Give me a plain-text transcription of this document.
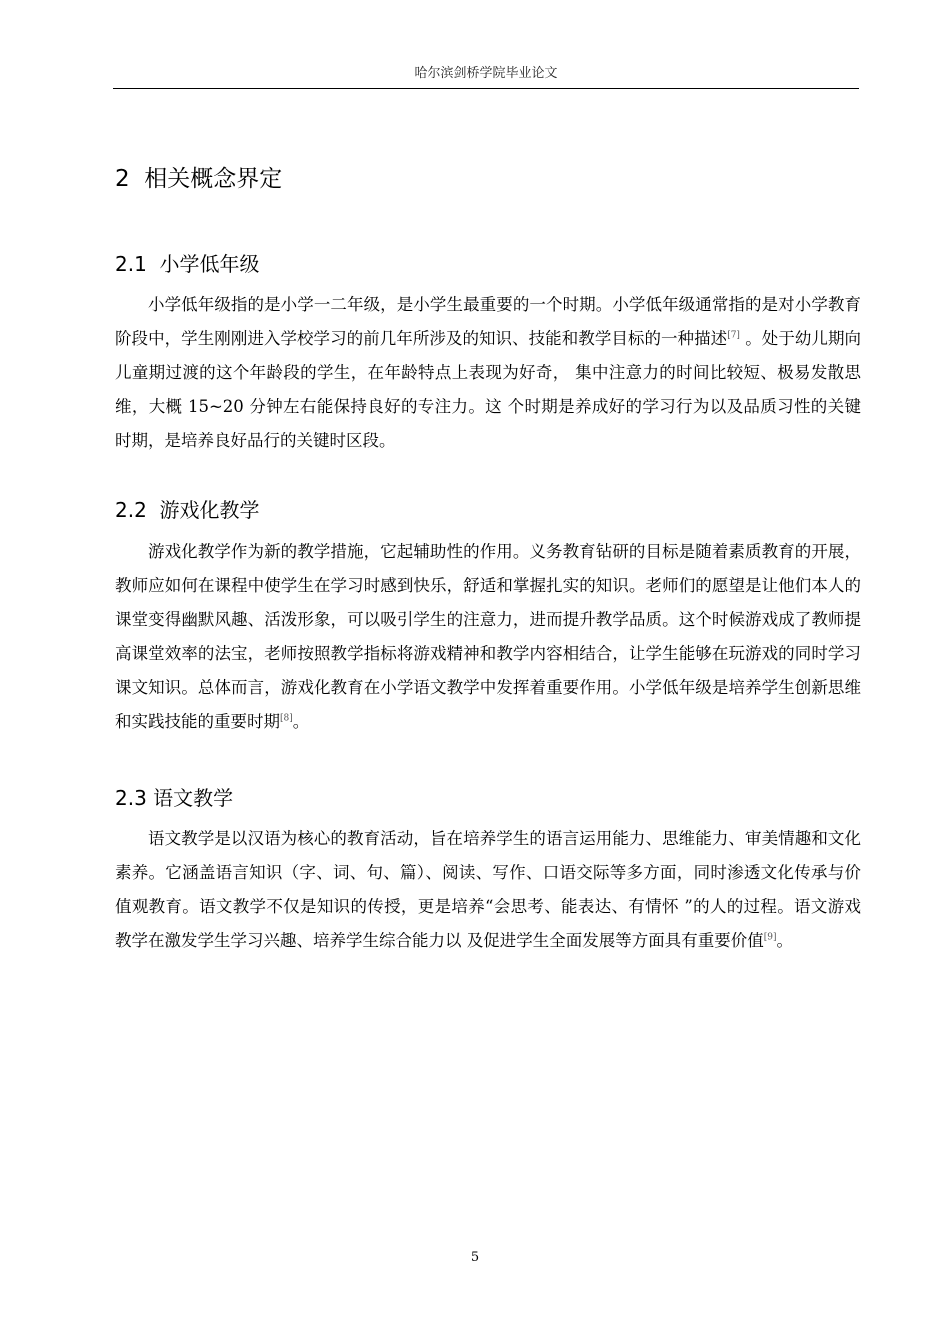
哈尔滨剑桥学院毕业论文
2 相关概念界定
2.1 小学低年级
小学低年级指的是小学一二年级，是小学生最重要的一个时期。小学低年级通常指的是对小学教育阶段中，学生刚刚进入学校学习的前几年所涉及的知识、技能和教学目标的一种描述[7] 。处于幼儿期向儿童期过渡的这个年龄段的学生，在年龄特点上表现为好奇， 集中注意力的时间比较短、极易发散思维，大概 15~20 分钟左右能保持良好的专注力。这 个时期是养成好的学习行为以及品质习性的关键时期，是培养良好品行的关键时区段。
2.2 游戏化教学
游戏化教学作为新的教学措施，它起辅助性的作用。义务教育钻研的目标是随着素质教育的开展，教师应如何在课程中使学生在学习时感到快乐，舒适和掌握扎实的知识。老师们的愿望是让他们本人的课堂变得幽默风趣、活泼形象，可以吸引学生的注意力，进而提升教学品质。这个时候游戏成了教师提高课堂效率的法宝，老师按照教学指标将游戏精神和教学内容相结合，让学生能够在玩游戏的同时学习课文知识。总体而言，游戏化教育在小学语文教学中发挥着重要作用。小学低年级是培养学生创新思维和实践技能的重要时期[8]。
2.3 语文教学
语文教学是以汉语为核心的教育活动，旨在培养学生的语言运用能力、思维能力、审美情趣和文化素养。它涵盖语言知识（字、词、句、篇）、阅读、写作、口语交际等多方面，同时渗透文化传承与价值观教育。语文教学不仅是知识的传授，更是培养“会思考、能表达、有情怀 ”的人的过程。语文游戏教学在激发学生学习兴趣、培养学生综合能力以 及促进学生全面发展等方面具有重要价值[9]。
5
